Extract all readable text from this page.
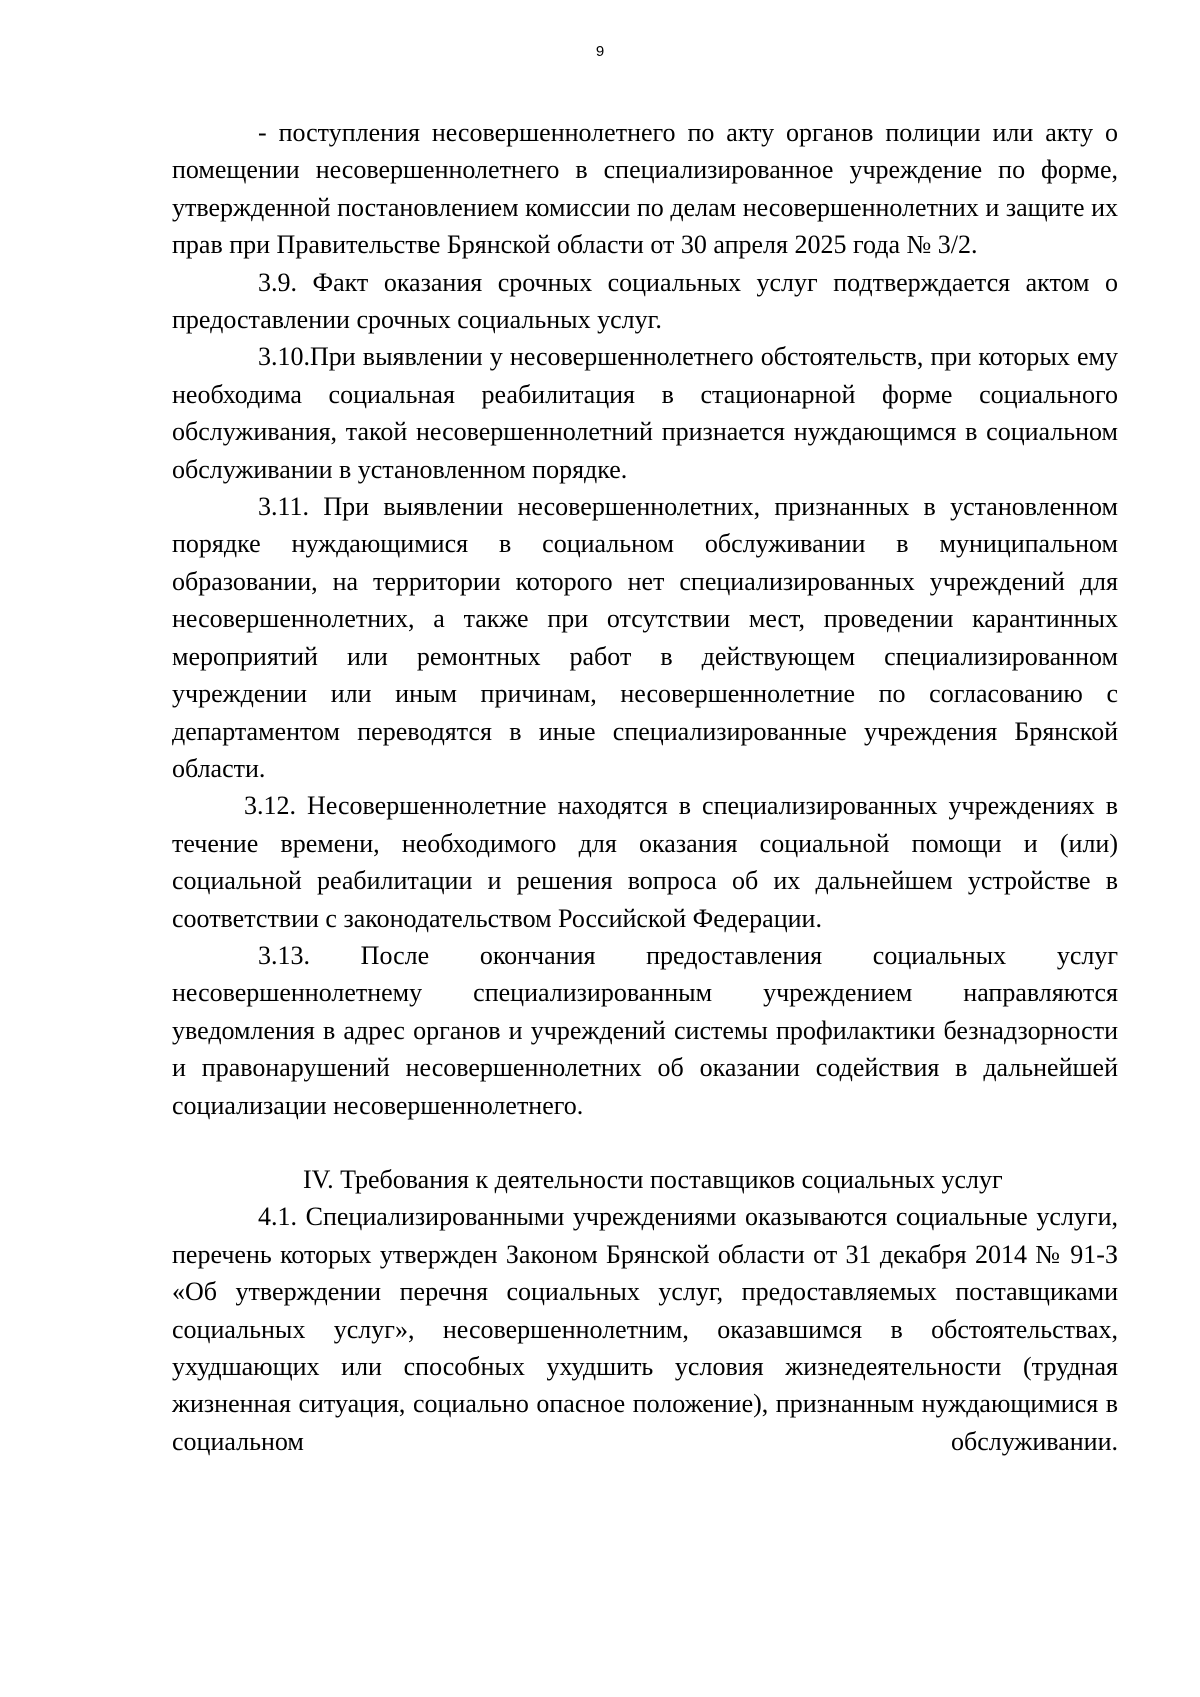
9

- поступления несовершеннолетнего по акту органов полиции или акту о помещении несовершеннолетнего в специализированное учреждение по форме, утвержденной постановлением комиссии по делам несовершеннолетних и защите их прав при Правительстве Брянской области от 30 апреля 2025 года № 3/2.

3.9. Факт оказания срочных социальных услуг подтверждается актом о предоставлении срочных социальных услуг.

3.10.При выявлении у несовершеннолетнего обстоятельств, при которых ему необходима социальная реабилитация в стационарной форме социального обслуживания, такой несовершеннолетний признается нуждающимся в социальном обслуживании в установленном порядке.

3.11. При выявлении несовершеннолетних, признанных в установленном порядке нуждающимися в социальном обслуживании в муниципальном образовании, на территории которого нет специализированных учреждений для несовершеннолетних, а также при отсутствии мест, проведении карантинных мероприятий или ремонтных работ в действующем специализированном учреждении или иным причинам, несовершеннолетние по согласованию с департаментом переводятся в иные специализированные учреждения Брянской области.

3.12. Несовершеннолетние находятся в специализированных учреждениях в течение времени, необходимого для оказания социальной помощи и (или) социальной реабилитации и решения вопроса об их дальнейшем устройстве в соответствии с законодательством Российской Федерации.

3.13. После окончания предоставления социальных услуг несовершеннолетнему специализированным учреждением направляются уведомления в адрес органов и учреждений системы профилактики безнадзорности и правонарушений несовершеннолетних об оказании содействия в дальнейшей социализации несовершеннолетнего.

IV. Требования к деятельности поставщиков социальных услуг

4.1. Специализированными учреждениями оказываются социальные услуги, перечень которых утвержден Законом Брянской области от 31 декабря 2014 № 91-З «Об утверждении перечня социальных услуг, предоставляемых поставщиками социальных услуг», несовершеннолетним, оказавшимся в обстоятельствах, ухудшающих или способных ухудшить условия жизнедеятельности (трудная жизненная ситуация, социально опасное положение), признанным нуждающимися в социальном обслуживании.
